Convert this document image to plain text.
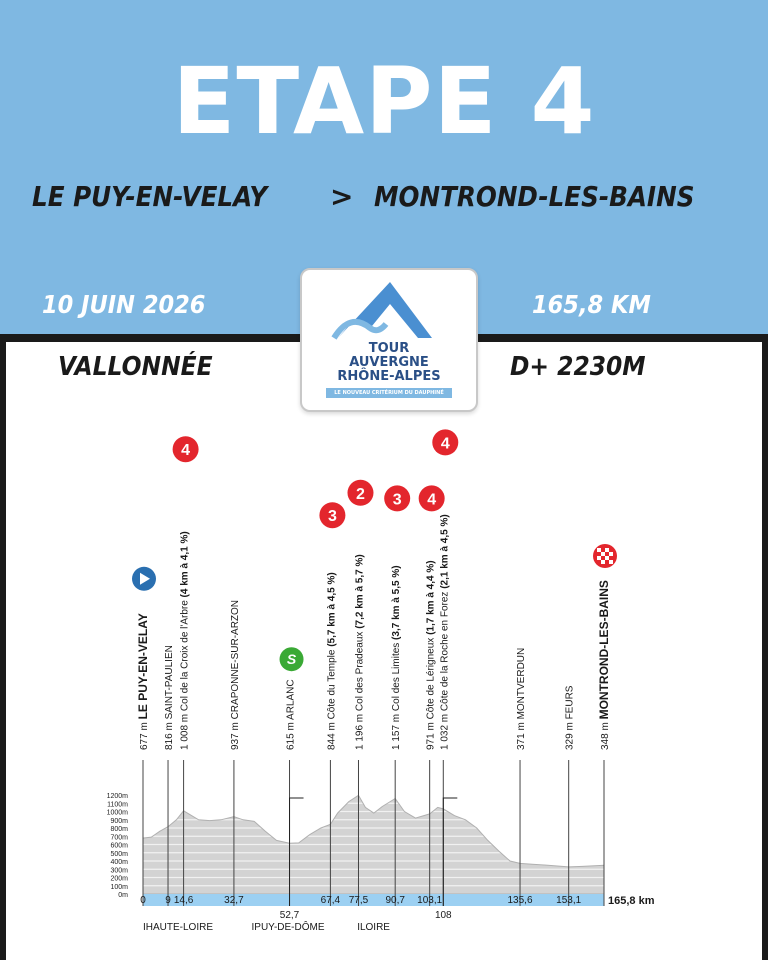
ETAPE 4
LE PUY-EN-VELAY > MONTROND-LES-BAINS
10 JUIN 2026	165,8 KM
TOUR
AUVERGNE
RHÔNE-ALPES
LE NOUVEAU CRITÉRIUM DU DAUPHINÉ
VALLONNÉE	D+ 2230M
0m
100m
200m
300m
400m
500m
600m
700m
800m
900m
1000m
1100m
1200m
0 9 14,6	32,7
52,7
67,4 77,5 90,7 103,1
108
135,6 153,1 165,8 km
IHAUTE-LOIRE	IPUY-DE-DÔME	ILOIRE
677 m LE PUY-EN-VELAY
816 m SAINT-PAULIEN
1 008 m Col de la Croix de l'Arbre (4 km à 4,1 %)
4
937 m CRAPONNE-SUR-ARZON
615 m ARLANC
S
844 m Côte du Temple (5,7 km à 4,5 %)
3
1 196 m Col des Pradeaux (7,2 km à 5,7 %)
2
1 157 m Col des Limites (3,7 km à 5,5 %)
3
971 m Côte de Lérigneux (1,7 km à 4,4 %)
4
1 032 m Côte de la Roche en Forez (2,1 km à 4,5 %)
4
371 m MONTVERDUN
329 m FEURS
348 m MONTROND-LES-BAINS
